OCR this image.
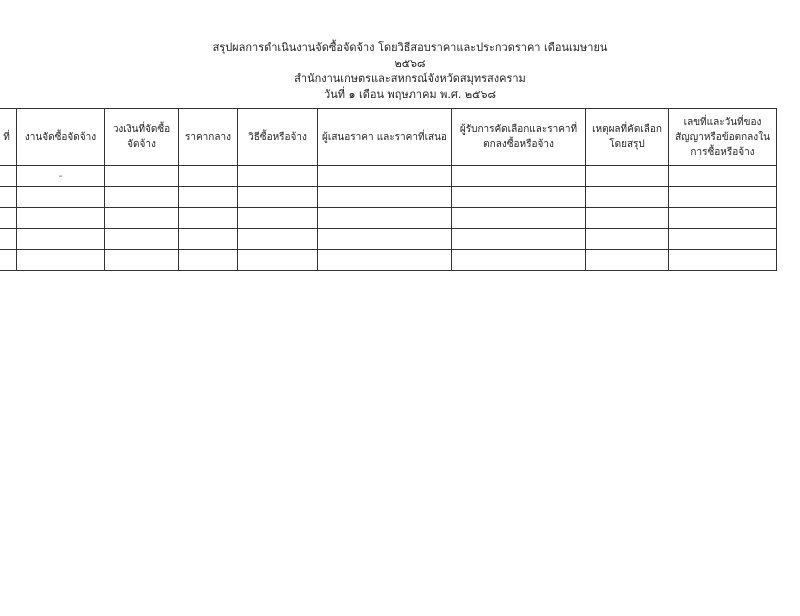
สรุปผลการดำเนินงานจัดซื้อจัดจ้าง โดยวิธีสอบราคาและประกวดราคา เดือนเมษายน ๒๕๖๘
สำนักงานเกษตรและสหกรณ์จังหวัดสมุทรสงคราม
วันที่ ๑ เดือน พฤษภาคม พ.ศ. ๒๕๖๘
ที่	งานจัดซื้อจัดจ้าง	วงเงินที่จัดซื้อจัดจ้าง	ราคากลาง	วิธีซื้อหรือจ้าง	ผู้เสนอราคา และราคาที่เสนอ	ผู้รับการคัดเลือกและราคาที่ตกลงซื้อหรือจ้าง	เหตุผลที่คัดเลือกโดยสรุป	เลขที่และวันที่ของสัญญาหรือข้อตกลงในการซื้อหรือจ้าง
	-							
